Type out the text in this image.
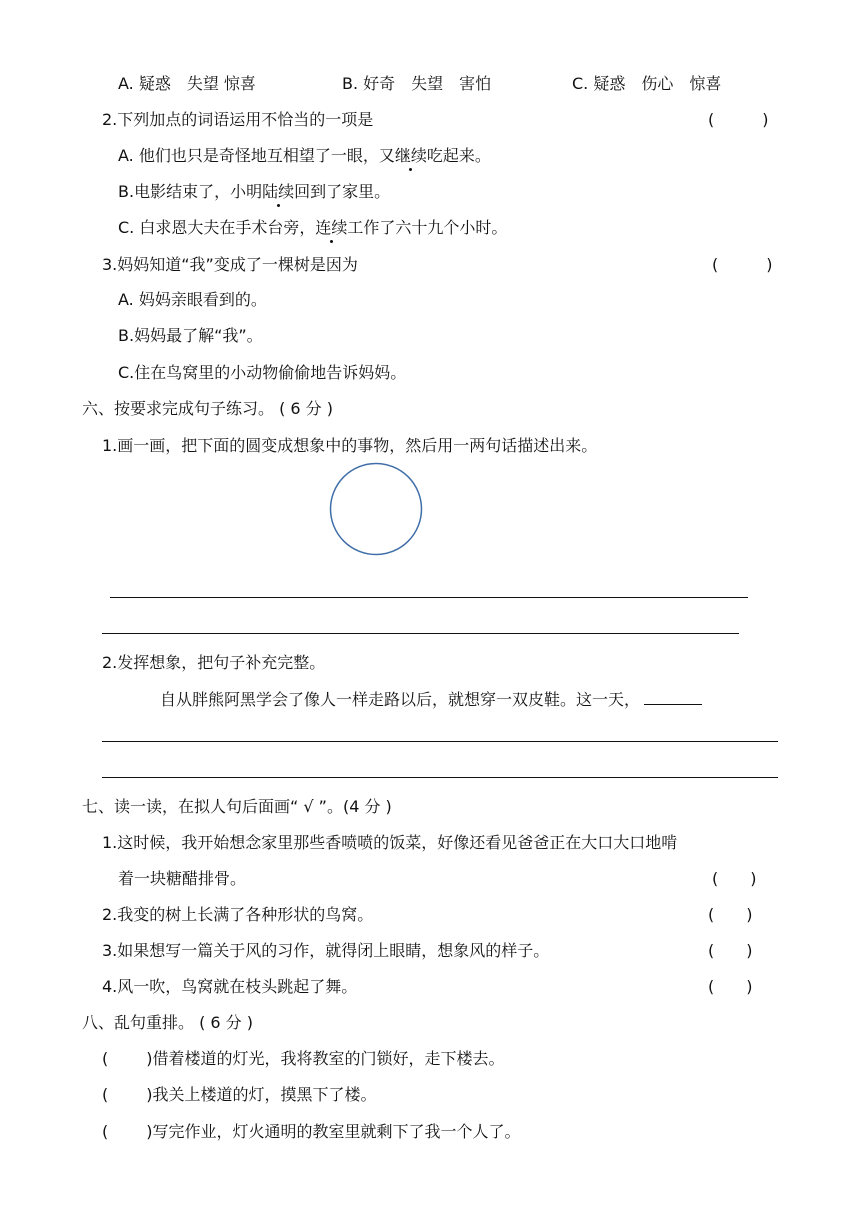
A. 疑惑　失望 惊喜	B. 好奇　失望　害怕	C. 疑惑　伤心　惊喜
2.下列加点的词语运用不恰当的一项是	(　　　)
A. 他们也只是奇怪地互相望了一眼，又继续吃起来。
B.电影结束了，小明陆续回到了家里。
C. 白求恩大夫在手术台旁，连续工作了六十九个小时。
3.妈妈知道“我”变成了一棵树是因为	(　　　)
A. 妈妈亲眼看到的。
B.妈妈最了解“我”。
C.住在鸟窝里的小动物偷偷地告诉妈妈。
六、按要求完成句子练习。 ( 6 分 )
1.画一画，把下面的圆变成想象中的事物，然后用一两句话描述出来。
2.发挥想象，把句子补充完整。
自从胖熊阿黑学会了像人一样走路以后，就想穿一双皮鞋。这一天，
七、读一读，在拟人句后面画“ √ ”。(4 分 )
1.这时候，我开始想念家里那些香喷喷的饭菜，好像还看见爸爸正在大口大口地啃
着一块糖醋排骨。	(　　)
2.我变的树上长满了各种形状的鸟窝。	(　　)
3.如果想写一篇关于风的习作，就得闭上眼睛，想象风的样子。	(　　)
4.风一吹，鸟窝就在枝头跳起了舞。	(　　)
八、乱句重排。 ( 6 分 )
( )借着楼道的灯光，我将教室的门锁好，走下楼去。
( )我关上楼道的灯，摸黑下了楼。
( )写完作业，灯火通明的教室里就剩下了我一个人了。
